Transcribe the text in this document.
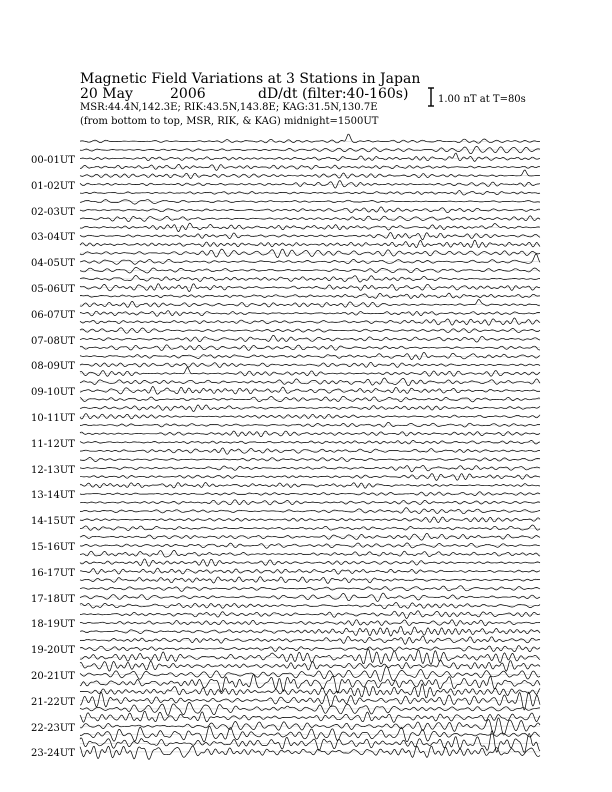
Magnetic Field Variations at 3 Stations in Japan
20 May	2006	dD/dt (filter:40-160s)
MSR:44.4N,142.3E; RIK:43.5N,143.8E; KAG:31.5N,130.7E
(from bottom to top, MSR, RIK, & KAG) midnight=1500UT
1.00 nT at T=80s
00-01UT
01-02UT
02-03UT
03-04UT
04-05UT
05-06UT
06-07UT
07-08UT
08-09UT
09-10UT
10-11UT
11-12UT
12-13UT
13-14UT
14-15UT
15-16UT
16-17UT
17-18UT
18-19UT
19-20UT
20-21UT
21-22UT
22-23UT
23-24UT
